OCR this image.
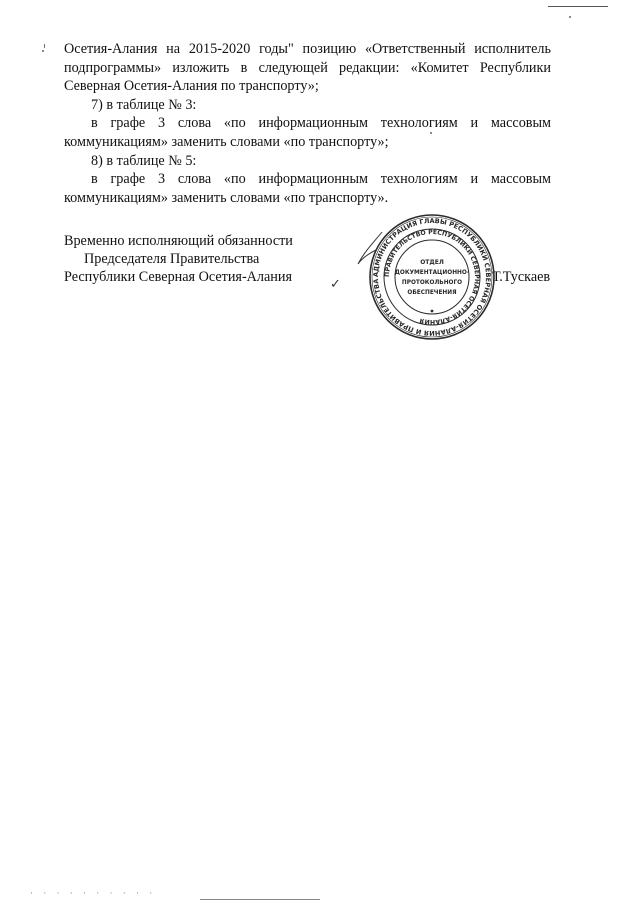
· · · · · · · · · ·
Осетия-Алания на 2015-2020 годы" позицию «Ответственный исполнитель
подпрограммы» изложить в следующей редакции: «Комитет Республики
Северная Осетия-Алания по транспорту»;
7) в таблице № 3:
в графе 3 слова «по информационным технологиям и массовым
коммуникациям» заменить словами «по транспорту»;
8) в таблице № 5:
в графе 3 слова «по информационным технологиям и массовым
коммуникациям» заменить словами «по транспорту».
Временно исполняющий обязанности
Председателя Правительства
Республики Северная Осетия-Алания	Т.Тускаев
✓
АДМИНИСТРАЦИЯ ГЛАВЫ РЕСПУБЛИКИ СЕВЕРНАЯ ОСЕТИЯ-АЛАНИЯ И ПРАВИТЕЛЬСТВА
ПРАВИТЕЛЬСТВО РЕСПУБЛИКИ СЕВЕРНАЯ ОСЕТИЯ-АЛАНИЯ
ОТДЕЛ
ДОКУМЕНТАЦИОННО-
ПРОТОКОЛЬНОГО
ОБЕСПЕЧЕНИЯ
